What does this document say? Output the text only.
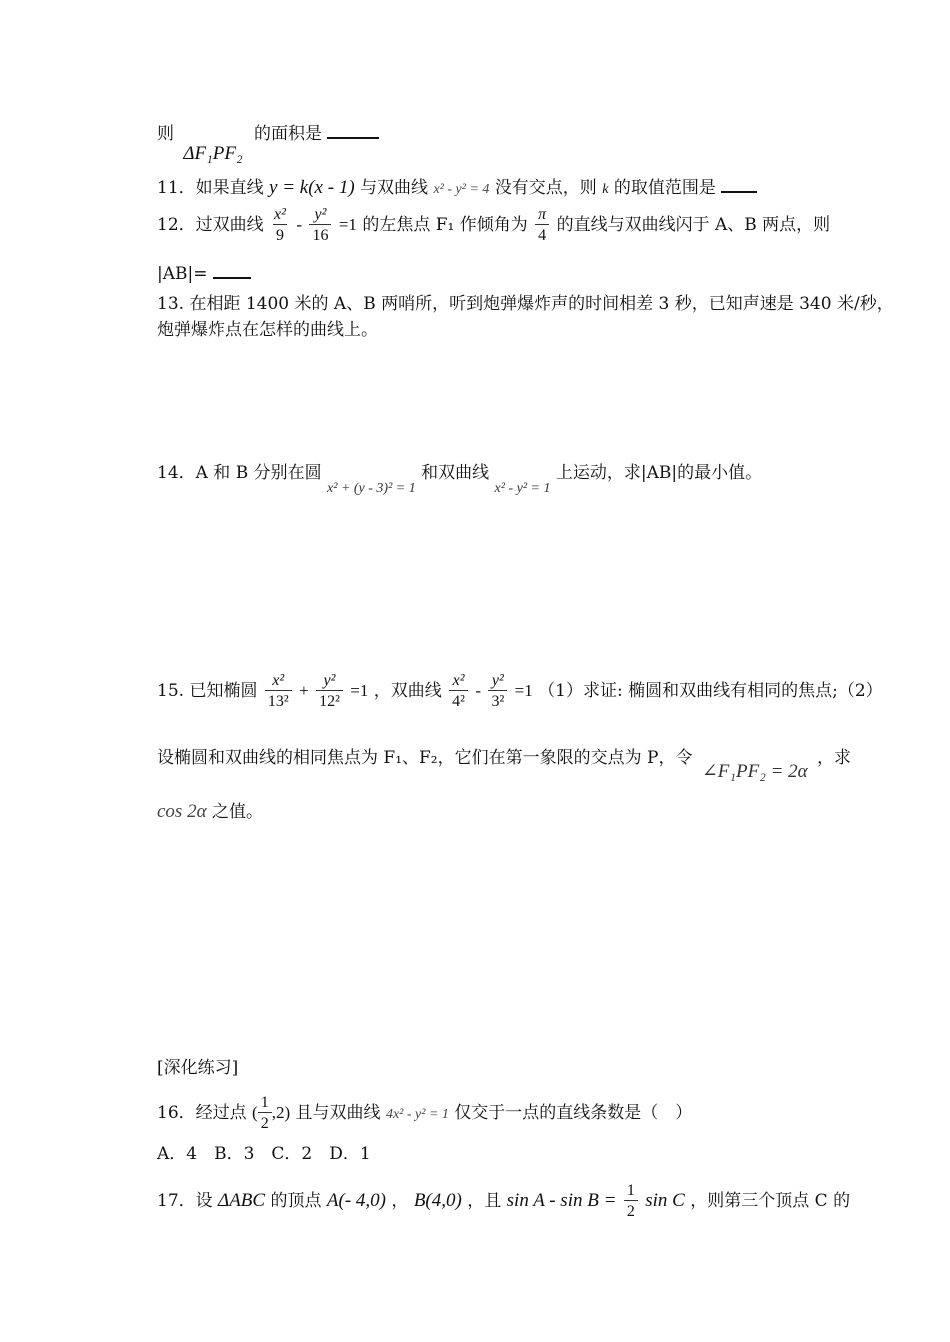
则 ΔF₁PF₂ 的面积是
11．如果直线 y = k(x - 1) 与双曲线 x² - y² = 4 没有交点，则 k 的取值范围是
12．过双曲线 $\frac{\text{x²}}{9} - \frac{\text{y²}}{16} =1$ 的左焦点 F₁ 作倾角为 $\frac{\pi}{4}$ 的直线与双曲线闪于 A、B 两点，则
|AB|=
13. 在相距 1400 米的 A、B 两哨所，听到炮弹爆炸声的时间相差 3 秒，已知声速是 340 米/秒，
炮弹爆炸点在怎样的曲线上。
14．A 和 B 分别在圆 $_{x^2 + (y - 3)^2 = 1}$ 和双曲线 $_{x^2 - y^2 = 1}$ 上运动，求|AB|的最小值。
15. 已知椭圆 $\frac{\text{x²}}{\text{13²}} + \frac{\text{y²}}{\text{12²}} =1$ ，双曲线 $\frac{\text{x²}}{\text{4²}} - \frac{\text{y²}}{\text{3²}} =1$ （1）求证: 椭圆和双曲线有相同的焦点;（2）
设椭圆和双曲线的相同焦点为 F₁、F₂，它们在第一象限的交点为 P，令 ∠F₁PF₂ = 2α ，求
cos 2α 之值。
[深化练习]
16．经过点 ( $\frac{1}{2} ,2$) 且与双曲线 4x² - y² = 1 仅交于一点的直线条数是（　）
A．4　B．3　C．2　D．1
17．设 ΔABC 的顶点 A(- 4,0) ， B(4,0) ，且 $\sin A - \sin B = \frac{1}{2}$ sin C ，则第三个顶点 C 的
